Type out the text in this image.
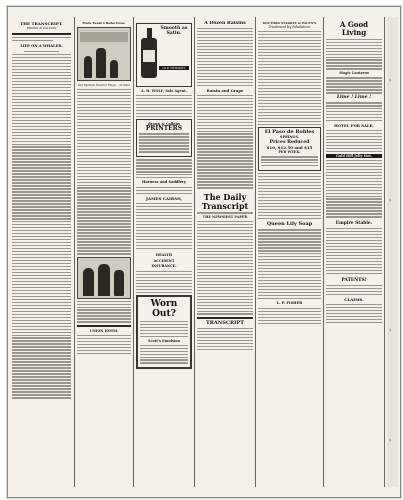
THE TRANSCRIPT.
BROWN & CALKINS
LIFE ON A WHALER.
Mark Twain's Reflections.
Old Fashion Monitor Hugh. ‑ In Kind
UNION HOTEL
Smooth as Satin.
OLD WHISKEY
A. H. WOLF, Sole Agent.
Brown & Calkins
PRINTERS
Harness and Saddlery
JAMES CAIRNS,
HEALTH
ACCIDENT
INSURANCE.
Worn Out?
Scott's Emulsion
A Dozen Raisins
Raisin and Grape
The Daily Transcript
THE NEWSIEST PAPER
TRANSCRIPT
DOCTORS STARKEY & PALEN'S
Treatment by Inhalation.
El Paso de Robles
SPRINGS.
Prices Reduced
$10, $12.50 and $15
PER WEEK.
Queen Lily Soap
L. P. FISHER
A Good
Living
Magic Lanterns
Lime ! Lime !
HOTEL FOR SALE.
Gold Hill Jelly Hot.
Empire Stable.
PATENTS!
CLAIMS.
›
›
›
›
